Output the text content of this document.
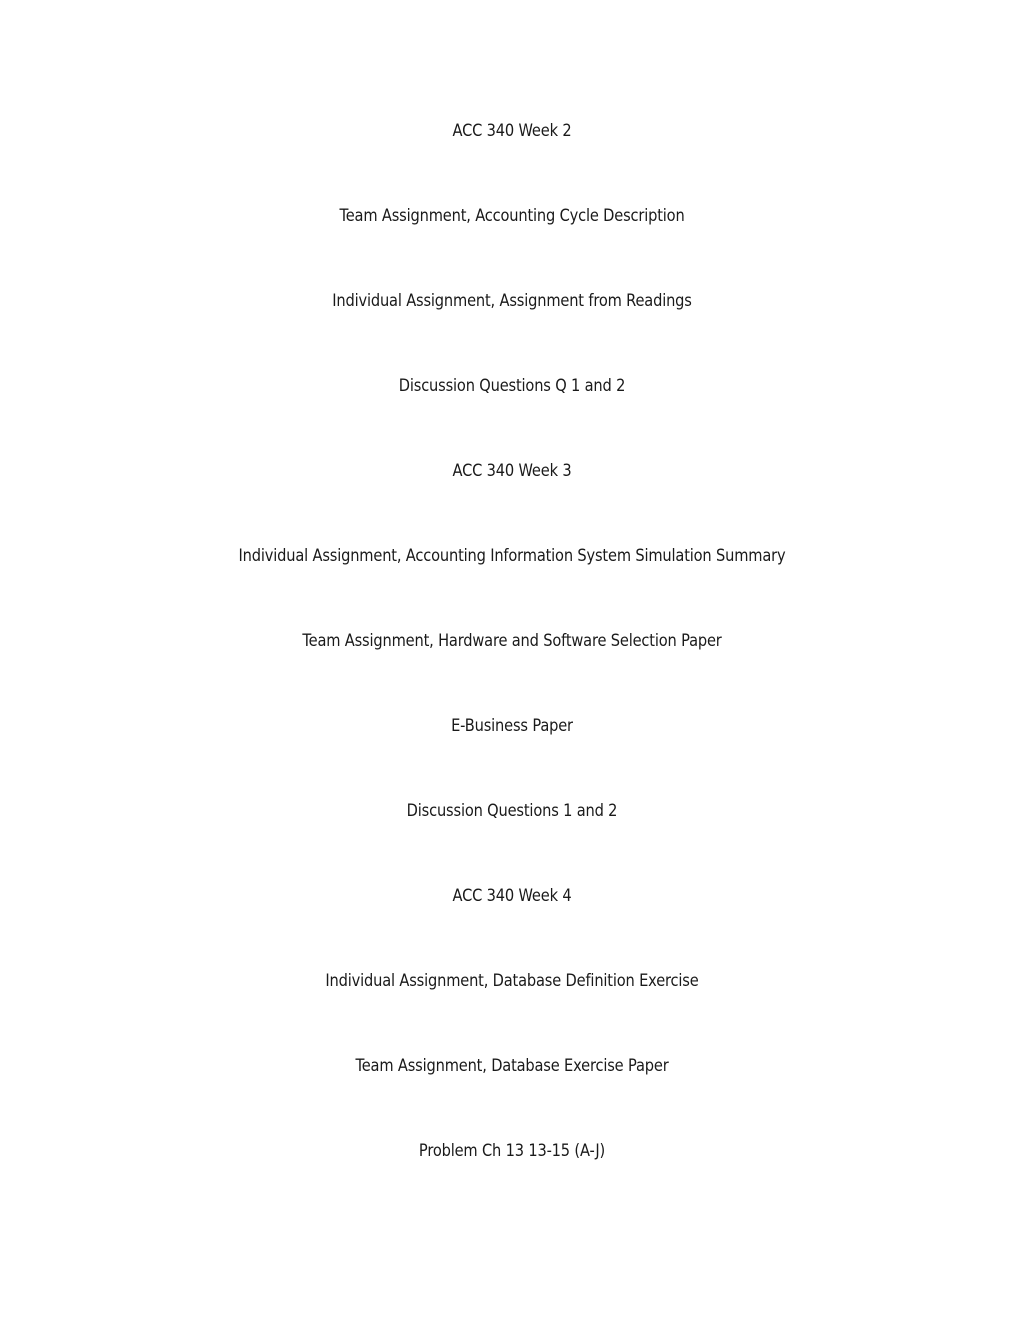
ACC 340 Week 2
Team Assignment, Accounting Cycle Description
Individual Assignment, Assignment from Readings
Discussion Questions Q 1 and 2
ACC 340 Week 3
Individual Assignment, Accounting Information System Simulation Summary
Team Assignment, Hardware and Software Selection Paper
E-Business Paper
Discussion Questions 1 and 2
ACC 340 Week 4
Individual Assignment, Database Definition Exercise
Team Assignment, Database Exercise Paper
Problem Ch 13 13-15 (A-J)
